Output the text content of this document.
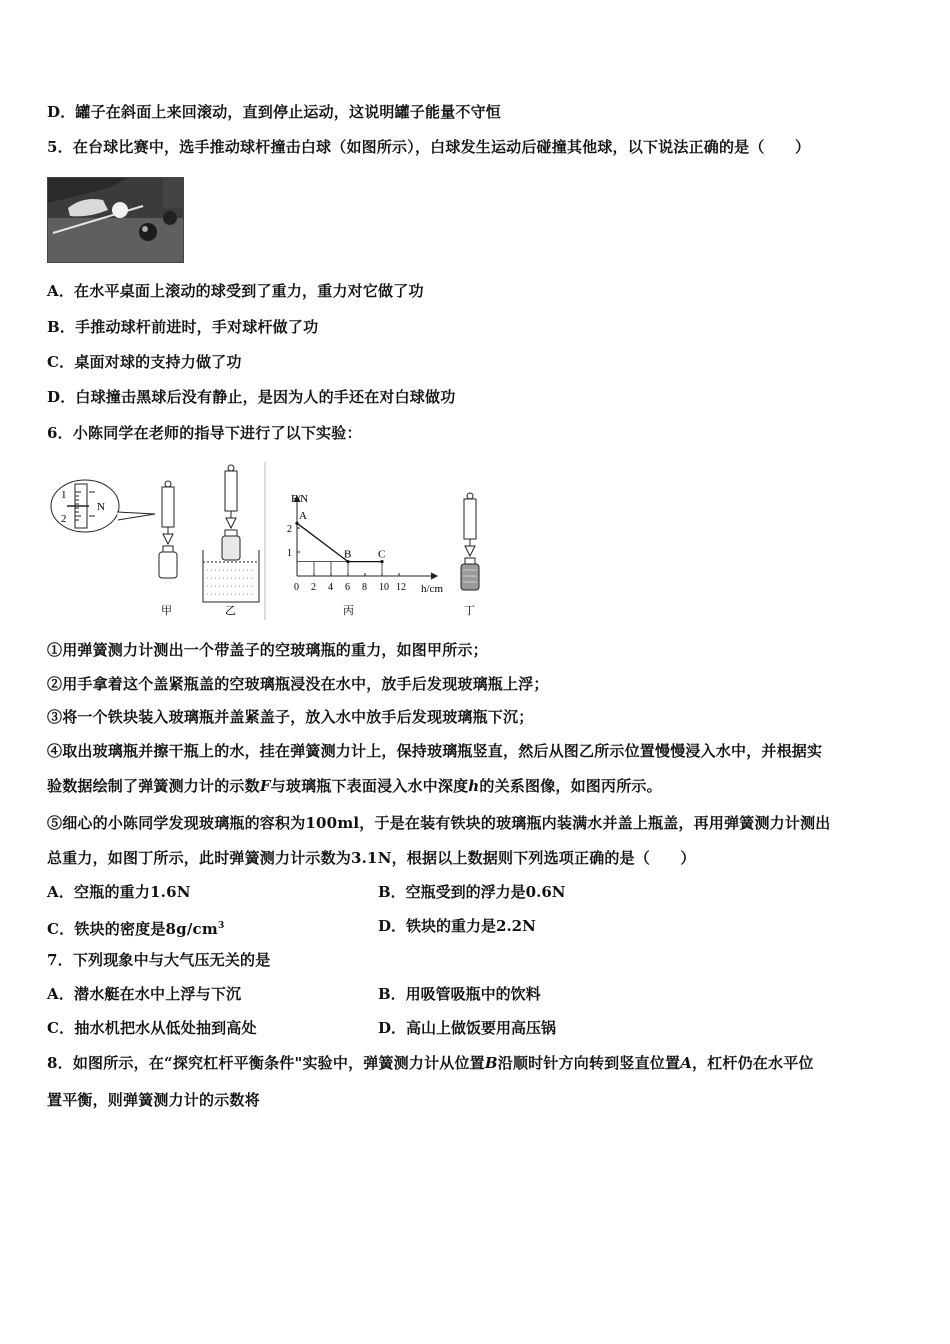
D．罐子在斜面上来回滚动，直到停止运动，这说明罐子能量不守恒
5．在台球比赛中，选手推动球杆撞击白球（如图所示），白球发生运动后碰撞其他球，以下说法正确的是（　　）
A．在水平桌面上滚动的球受到了重力，重力对它做了功
B．手推动球杆前进时，手对球杆做了功
C．桌面对球的支持力做了功
D．白球撞击黑球后没有静止，是因为人的手还在对白球做功
6．小陈同学在老师的指导下进行了以下实验：
1
2
N
甲	乙
F/N
h/cm
0 2 4 6 8 10 12
1
2
A
B C
丙	丁
①用弹簧测力计测出一个带盖子的空玻璃瓶的重力，如图甲所示；
②用手拿着这个盖紧瓶盖的空玻璃瓶浸没在水中，放手后发现玻璃瓶上浮；
③将一个铁块装入玻璃瓶并盖紧盖子，放入水中放手后发现玻璃瓶下沉；
④取出玻璃瓶并擦干瓶上的水，挂在弹簧测力计上，保持玻璃瓶竖直，然后从图乙所示位置慢慢浸入水中，并根据实
验数据绘制了弹簧测力计的示数F与玻璃瓶下表面浸入水中深度h的关系图像，如图丙所示。
⑤细心的小陈同学发现玻璃瓶的容积为100ml，于是在装有铁块的玻璃瓶内装满水并盖上瓶盖，再用弹簧测力计测出
总重力，如图丁所示，此时弹簧测力计示数为3.1N，根据以上数据则下列选项正确的是（　　）
A．空瓶的重力1.6N	B．空瓶受到的浮力是0.6N
C．铁块的密度是$8g/cm^3$	D．铁块的重力是2.2N
7．下列现象中与大气压无关的是
A．潜水艇在水中上浮与下沉	B．用吸管吸瓶中的饮料
C．抽水机把水从低处抽到高处	D．高山上做饭要用高压锅
8．如图所示，在“探究杠杆平衡条件"实验中，弹簧测力计从位置B沿顺时针方向转到竖直位置A，杠杆仍在水平位
置平衡，则弹簧测力计的示数将
